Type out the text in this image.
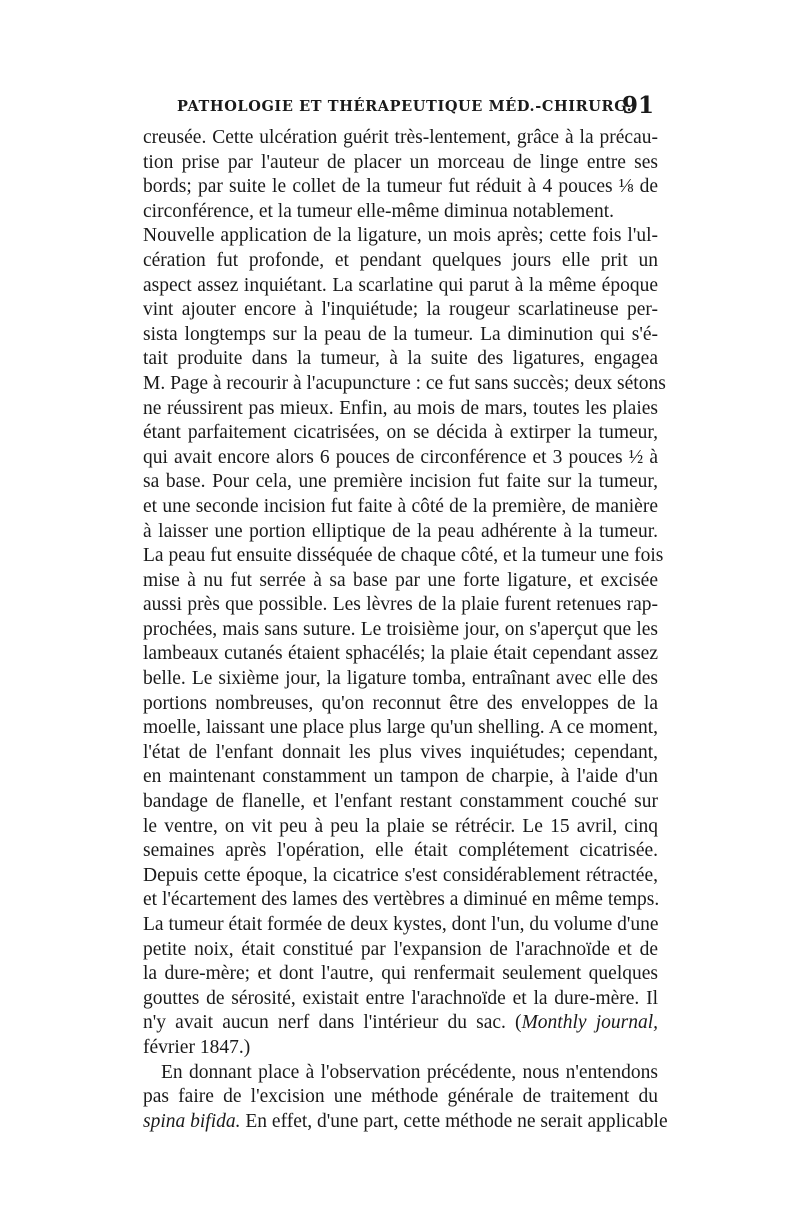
PATHOLOGIE ET THÉRAPEUTIQUE MÉD.-CHIRURG.
91
creusée. Cette ulcération guérit très-lentement, grâce à la précau-
tion prise par l'auteur de placer un morceau de linge entre ses
bords; par suite le collet de la tumeur fut réduit à 4 pouces ⅛ de
circonférence, et la tumeur elle-même diminua notablement.
Nouvelle application de la ligature, un mois après; cette fois l'ul-
cération fut profonde, et pendant quelques jours elle prit un
aspect assez inquiétant. La scarlatine qui parut à la même époque
vint ajouter encore à l'inquiétude; la rougeur scarlatineuse per-
sista longtemps sur la peau de la tumeur. La diminution qui s'é-
tait produite dans la tumeur, à la suite des ligatures, engagea
M. Page à recourir à l'acupuncture : ce fut sans succès; deux sétons
ne réussirent pas mieux. Enfin, au mois de mars, toutes les plaies
étant parfaitement cicatrisées, on se décida à extirper la tumeur,
qui avait encore alors 6 pouces de circonférence et 3 pouces ½ à
sa base. Pour cela, une première incision fut faite sur la tumeur,
et une seconde incision fut faite à côté de la première, de manière
à laisser une portion elliptique de la peau adhérente à la tumeur.
La peau fut ensuite disséquée de chaque côté, et la tumeur une fois
mise à nu fut serrée à sa base par une forte ligature, et excisée
aussi près que possible. Les lèvres de la plaie furent retenues rap-
prochées, mais sans suture. Le troisième jour, on s'aperçut que les
lambeaux cutanés étaient sphacélés; la plaie était cependant assez
belle. Le sixième jour, la ligature tomba, entraînant avec elle des
portions nombreuses, qu'on reconnut être des enveloppes de la
moelle, laissant une place plus large qu'un shelling. A ce moment,
l'état de l'enfant donnait les plus vives inquiétudes; cependant,
en maintenant constamment un tampon de charpie, à l'aide d'un
bandage de flanelle, et l'enfant restant constamment couché sur
le ventre, on vit peu à peu la plaie se rétrécir. Le 15 avril, cinq
semaines après l'opération, elle était complétement cicatrisée.
Depuis cette époque, la cicatrice s'est considérablement rétractée,
et l'écartement des lames des vertèbres a diminué en même temps.
La tumeur était formée de deux kystes, dont l'un, du volume d'une
petite noix, était constitué par l'expansion de l'arachnoïde et de
la dure-mère; et dont l'autre, qui renfermait seulement quelques
gouttes de sérosité, existait entre l'arachnoïde et la dure-mère. Il
n'y avait aucun nerf dans l'intérieur du sac. (Monthly journal,
février 1847.)
En donnant place à l'observation précédente, nous n'entendons
pas faire de l'excision une méthode générale de traitement du
spina bifida. En effet, d'une part, cette méthode ne serait applicable
